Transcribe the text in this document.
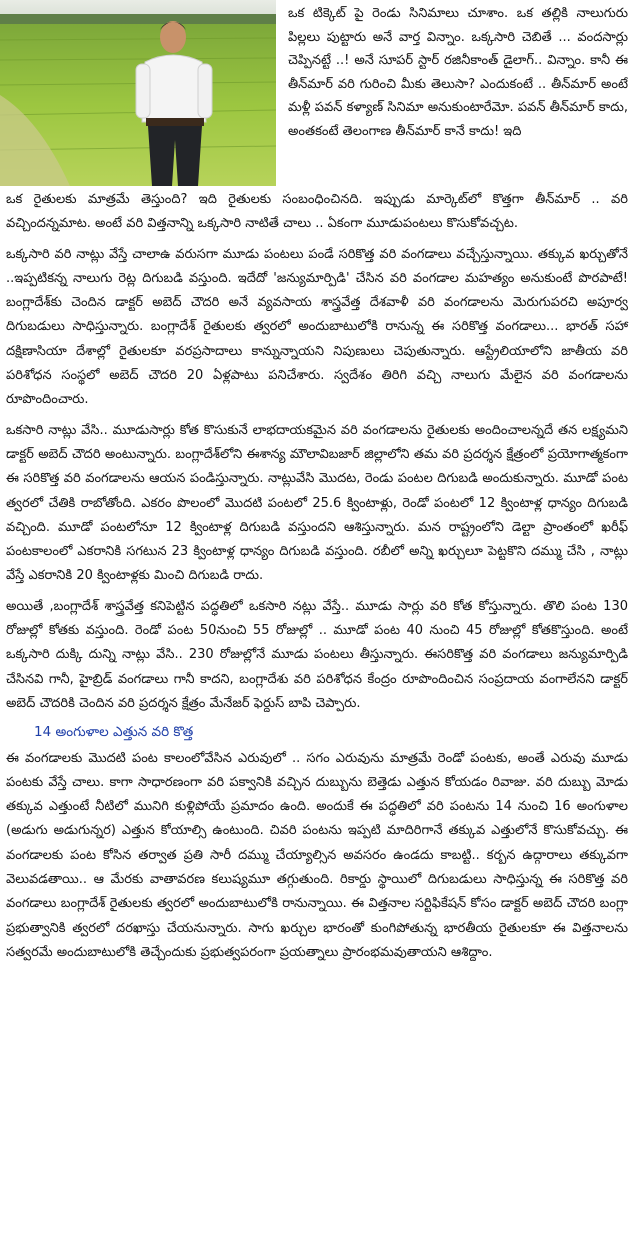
ఒక టిక్కెట్ పై రెండు సినిమాలు చూశాం. ఒక తల్లికి నాలుగురు పిల్లలు పుట్టారు అనే వార్త విన్నాం. ఒక్కసారి చెబితే ... వందసార్లు చెప్పినట్టే ..! అనే సూపర్ స్టార్ రజినీకాంత్ డైలాగ్.. విన్నాం. కానీ ఈ తీన్‌మార్ వరి గురించి మీకు తెలుసా? ఎందుకంటే .. తీన్‌మార్ అంటే మళ్లీ పవన్ కళ్యాణ్ సినిమా అనుకుంటారేమో. పవన్ తీన్‌మార్ కాదు, అంతకంటే తెలంగాణ తీన్‌మార్ కానే కాదు! ఇది

ఒక రైతులకు మాత్రమే తెస్తుంది? ఇది రైతులకు సంబంధించినది. ఇప్పుడు మార్కెట్‌లో కొత్తగా తీన్‌మార్ .. వరి వచ్చిందన్నమాట. అంటే వరి విత్తనాన్ని ఒక్కసారి నాటితే చాలు .. ఏకంగా మూడుపంటలు కొసుకోవచ్చట.

ఒక్కసారి వరి నాట్లు వేస్తే చాలాఉ వరుసగా మూడు పంటలు పండే సరికొత్త వరి వంగడాలు వచ్చేస్తున్నాయి. తక్కువ ఖర్చుతోనే ..ఇప్పటికన్న నాలుగు రెట్ల దిగుబడి వస్తుంది. ఇదేదో 'జన్యుమార్పిడి' చేసిన వరి వంగడాల మహత్యం అనుకుంటే పొరపాటే! బంగ్లాదేశ్‌కు చెందిన డాక్టర్ అబెద్ చౌదరి అనే వ్యవసాయ శాస్త్రవేత్త దేశవాళీ వరి వంగడాలను మెరుగుపరచి అపూర్వ దిగుబడులు సాధిస్తున్నారు. బంగ్లాదేశ్ రైతులకు త్వరలో అందుబాటులోకి రానున్న ఈ సరికొత్త వంగడాలు... భారత్ సహా దక్షిణాసియా దేశాల్లో రైతులకూ వరప్రసాదాలు కాన్నున్నాయని నిపుణులు చెపుతున్నారు. ఆస్ట్రేలియాలోని జాతీయ వరి పరిశోధన సంస్థలో అబెద్ చౌదరి 20 ఏళ్లపాటు పనిచేశారు. స్వదేశం తిరిగి వచ్చి నాలుగు మేలైన వరి వంగడాలను రూపొందించారు.

ఒకసారి నాట్లు వేసి.. మూడుసార్లు కోత కొసుకునే లాభదాయకమైన వరి వంగడాలను రైతులకు అందించాలన్నదే తన లక్ష్యమని డాక్టర్ అబెద్ చౌదరి అంటున్నారు. బంగ్లాదేశ్‌లోని ఈశాన్య మౌలావిబజార్ జిల్లాలోని తమ వరి ప్రదర్శన క్షేత్రంలో ప్రయోగాత్మకంగా ఈ సరికొత్త వరి వంగడాలను ఆయన పండిస్తున్నారు. నాట్లువేసి మొదట, రెండు పంటల దిగుబడి అందుకున్నారు. మూడో పంట త్వరలో చేతికి రాబోతోంది. ఎకరం పొలంలో మొదటి పంటలో 25.6 క్వింటాళ్లు, రెండో పంటలో 12 క్వింటాళ్ల ధాన్యం దిగుబడి వచ్చింది. మూడో పంటలోనూ 12 క్వింటాళ్ల దిగుబడి వస్తుందని ఆశిస్తున్నారు. మన రాష్ట్రంలోని డెల్టా ప్రాంతంలో ఖరీఫ్ పంటకాలంలో ఎకరానికి సగటున 23 క్వింటాళ్ల ధాన్యం దిగుబడి వస్తుంది. రబీలో అన్ని ఖర్చులూ పెట్టకొని దమ్ము చేసి , నాట్లు వేస్తే ఎకరానికి 20 క్వింటాళ్లకు మించి దిగుబడి రాదు.

అయితే ,బంగ్లాదేశ్ శాస్త్రవేత్త కనిపెట్టిన పద్ధతిలో ఒకసారి నట్లు వేస్తే.. మూడు సార్లు వరి కోత కోస్తున్నారు. తొలి పంట 130 రోజుల్లో కోతకు వస్తుంది. రెండో పంట 50నుంచి 55 రోజుల్లో .. మూడో పంట 40 నుంచి 45 రోజుల్లో కోతకొస్తుంది. అంటే ఒక్కసారి దుక్కి దున్ని నాట్లు వేసి.. 230 రోజుల్లోనే మూడు పంటలు తీస్తున్నారు. ఈసరికొత్త వరి వంగడాలు జన్యుమార్పిడి చేసినవి గానీ, హైబ్రిడ్ వంగడాలు గానీ కాదని, బంగ్లాదేశు వరి పరిశోధన కేంద్రం రూపొందించిన సంప్రదాయ వంగాలేనని డాక్టర్ అబెద్ చౌదరికి చెందిన వరి ప్రదర్శన క్షేత్రం మేనేజర్ ఫెర్దుస్ బాపి చెప్పారు.

14 అంగుళాల ఎత్తున వరి కొత్త

ఈ వంగడాలకు మొదటి పంట కాలంలోవేసిన ఎరువులో .. సగం ఎరువును మాత్రమే రెండో పంటకు, అంతే ఎరువు మూడు పంటకు వేస్తే చాలు. కాగా సాధారణంగా వరి పక్వానికి వచ్చిన దుబ్బును బెత్తెడు ఎత్తున కోయడం రివాజు. వరి దుబ్బు మోడు తక్కువ ఎత్తుంటే నీటిలో మునిగి కుళ్లిపోయే ప్రమాదం ఉంది. అందుకే ఈ పద్ధతిలో వరి పంటను 14 నుంచి 16 అంగుళాల (అడుగు అడుగున్నర) ఎత్తున కోయాల్సి ఉంటుంది. చివరి పంటను ఇప్పటి మాదిరిగానే తక్కువ ఎత్తులోనే కొసుకోవచ్చు. ఈ వంగడాలకు పంట కోసిన తర్వాత ప్రతి సారీ దమ్ము చేయ్యాల్సిన అవసరం ఉండదు కాబట్టి.. కర్బన ఉద్గారాలు తక్కువగా వెలువడతాయి.. ఆ మేరకు వాతావరణ కలుష్యమూ తగ్గుతుంది. రికార్డు స్థాయిలో దిగుబడులు సాధిస్తున్న ఈ సరికొత్త వరి వంగడాలు బంగ్లాదేశ్ రైతులకు త్వరలో అందుబాటులోకి రానున్నాయి. ఈ విత్తనాల సర్టిఫికేషన్ కోసం డాక్టర్ అబెద్ చౌదరి బంగ్లా ప్రభుత్వానికి త్వరలో దరఖాస్తు చేయనున్నారు. సాగు ఖర్చుల భారంతో కుంగిపోతున్న భారతీయ రైతులకూ ఈ విత్తనాలను సత్వరమే అందుబాటులోకి తెచ్చేందుకు ప్రభుత్వపరంగా ప్రయత్నాలు ప్రారంభమవుతాయని ఆశిద్దాం.
